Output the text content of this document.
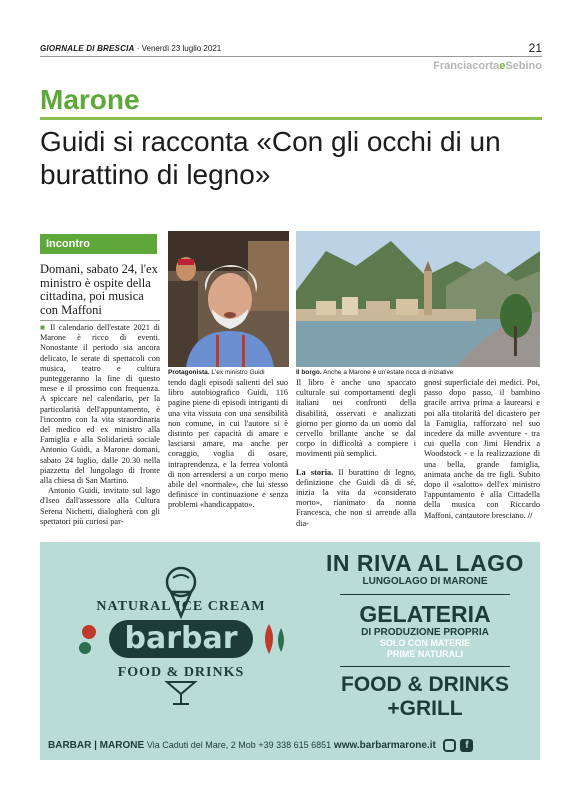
GIORNALE DI BRESCIA · Venerdì 23 luglio 2021	21
FranciacortaeSebino
Marone
Guidi si racconta «Con gli occhi di un burattino di legno»
Incontro
Domani, sabato 24, l'ex ministro è ospite della cittadina, poi musica con Maffoni

■ Il calendario dell'estate 2021 di Marone è ricco di eventi. Nonostante il periodo sia ancora delicato, le serate di spettacoli con musica, teatro e cultura punteggeranno la fine di questo mese e il prossimo con frequenza. A spiccare nel calendario, per la particolarità dell'appuntamento, è l'incontro con la vita straordinaria del medico ed ex ministro alla Famiglia e alla Solidarietà sociale Antonio Guidi, a Marone domani, sabato 24 luglio, dalle 20.30 nella piazzetta del lungolago di fronte alla chiesa di San Martino.

Antonio Guidi, invitato sul lago d'Iseo dall'assessore alla Cultura Serena Nichetti, dialogherà con gli spettatori più curiosi par-

Protagonista. L'ex ministro Guidi	Il borgo. Anche a Marone è un'estate ricca di iniziative

tendo dagli episodi salienti del suo libro autobiografico Guidi, 116 pagine piene di episodi intriganti di una vita vissuta con una sensibilità non comune, in cui l'autore si è distinto per capacità di amare e lasciarsi amare, ma anche per coraggio, voglia di osare, intraprendenza, e la ferrea volontà di non arrendersi a un corpo meno abile del «normale», che lui stesso definisce in continuazione e senza problemi «handicappato».

Il libro è anche uno spaccato culturale sui comportamenti degli italiani nei confronti della disabilità, osservati e analizzati giorno per giorno da un uomo dal cervello brillante anche se dal corpo in difficoltà a compiere i movimenti più semplici.

La storia. Il burattino di legno, definizione che Guidi dà di sé, inizia la vita da «considerato morto», rianimato da nonna Francesca, che non si arrende alla dia-

gnosi superficiale dei medici. Poi, passo dopo passo, il bambino gracile arriva prima a laurearsi e poi alla titolarità del dicastero per la Famiglia, rafforzato nel suo incedere da mille avventure - tra cui quella con Jimi Hendrix a Woodstock - e la realizzazione di una bella, grande famiglia, animata anche da tre figli. Subito dopo il «salotto» dell'ex ministro l'appuntamento è alla Cittadella della musica con Riccardo Maffoni, cantautore bresciano. //

NATURAL ICE CREAM
barbar
FOOD & DRINKS
IN RIVA AL LAGO
LUNGOLAGO DI MARONE
GELATERIA
DI PRODUZIONE PROPRIA
SOLO CON MATERIE
PRIME NATURALI
FOOD & DRINKS
+GRILL
BARBAR | MARONE Via Caduti del Mare, 2 Mob +39 338 615 6851 www.barbarmarone.it	f
